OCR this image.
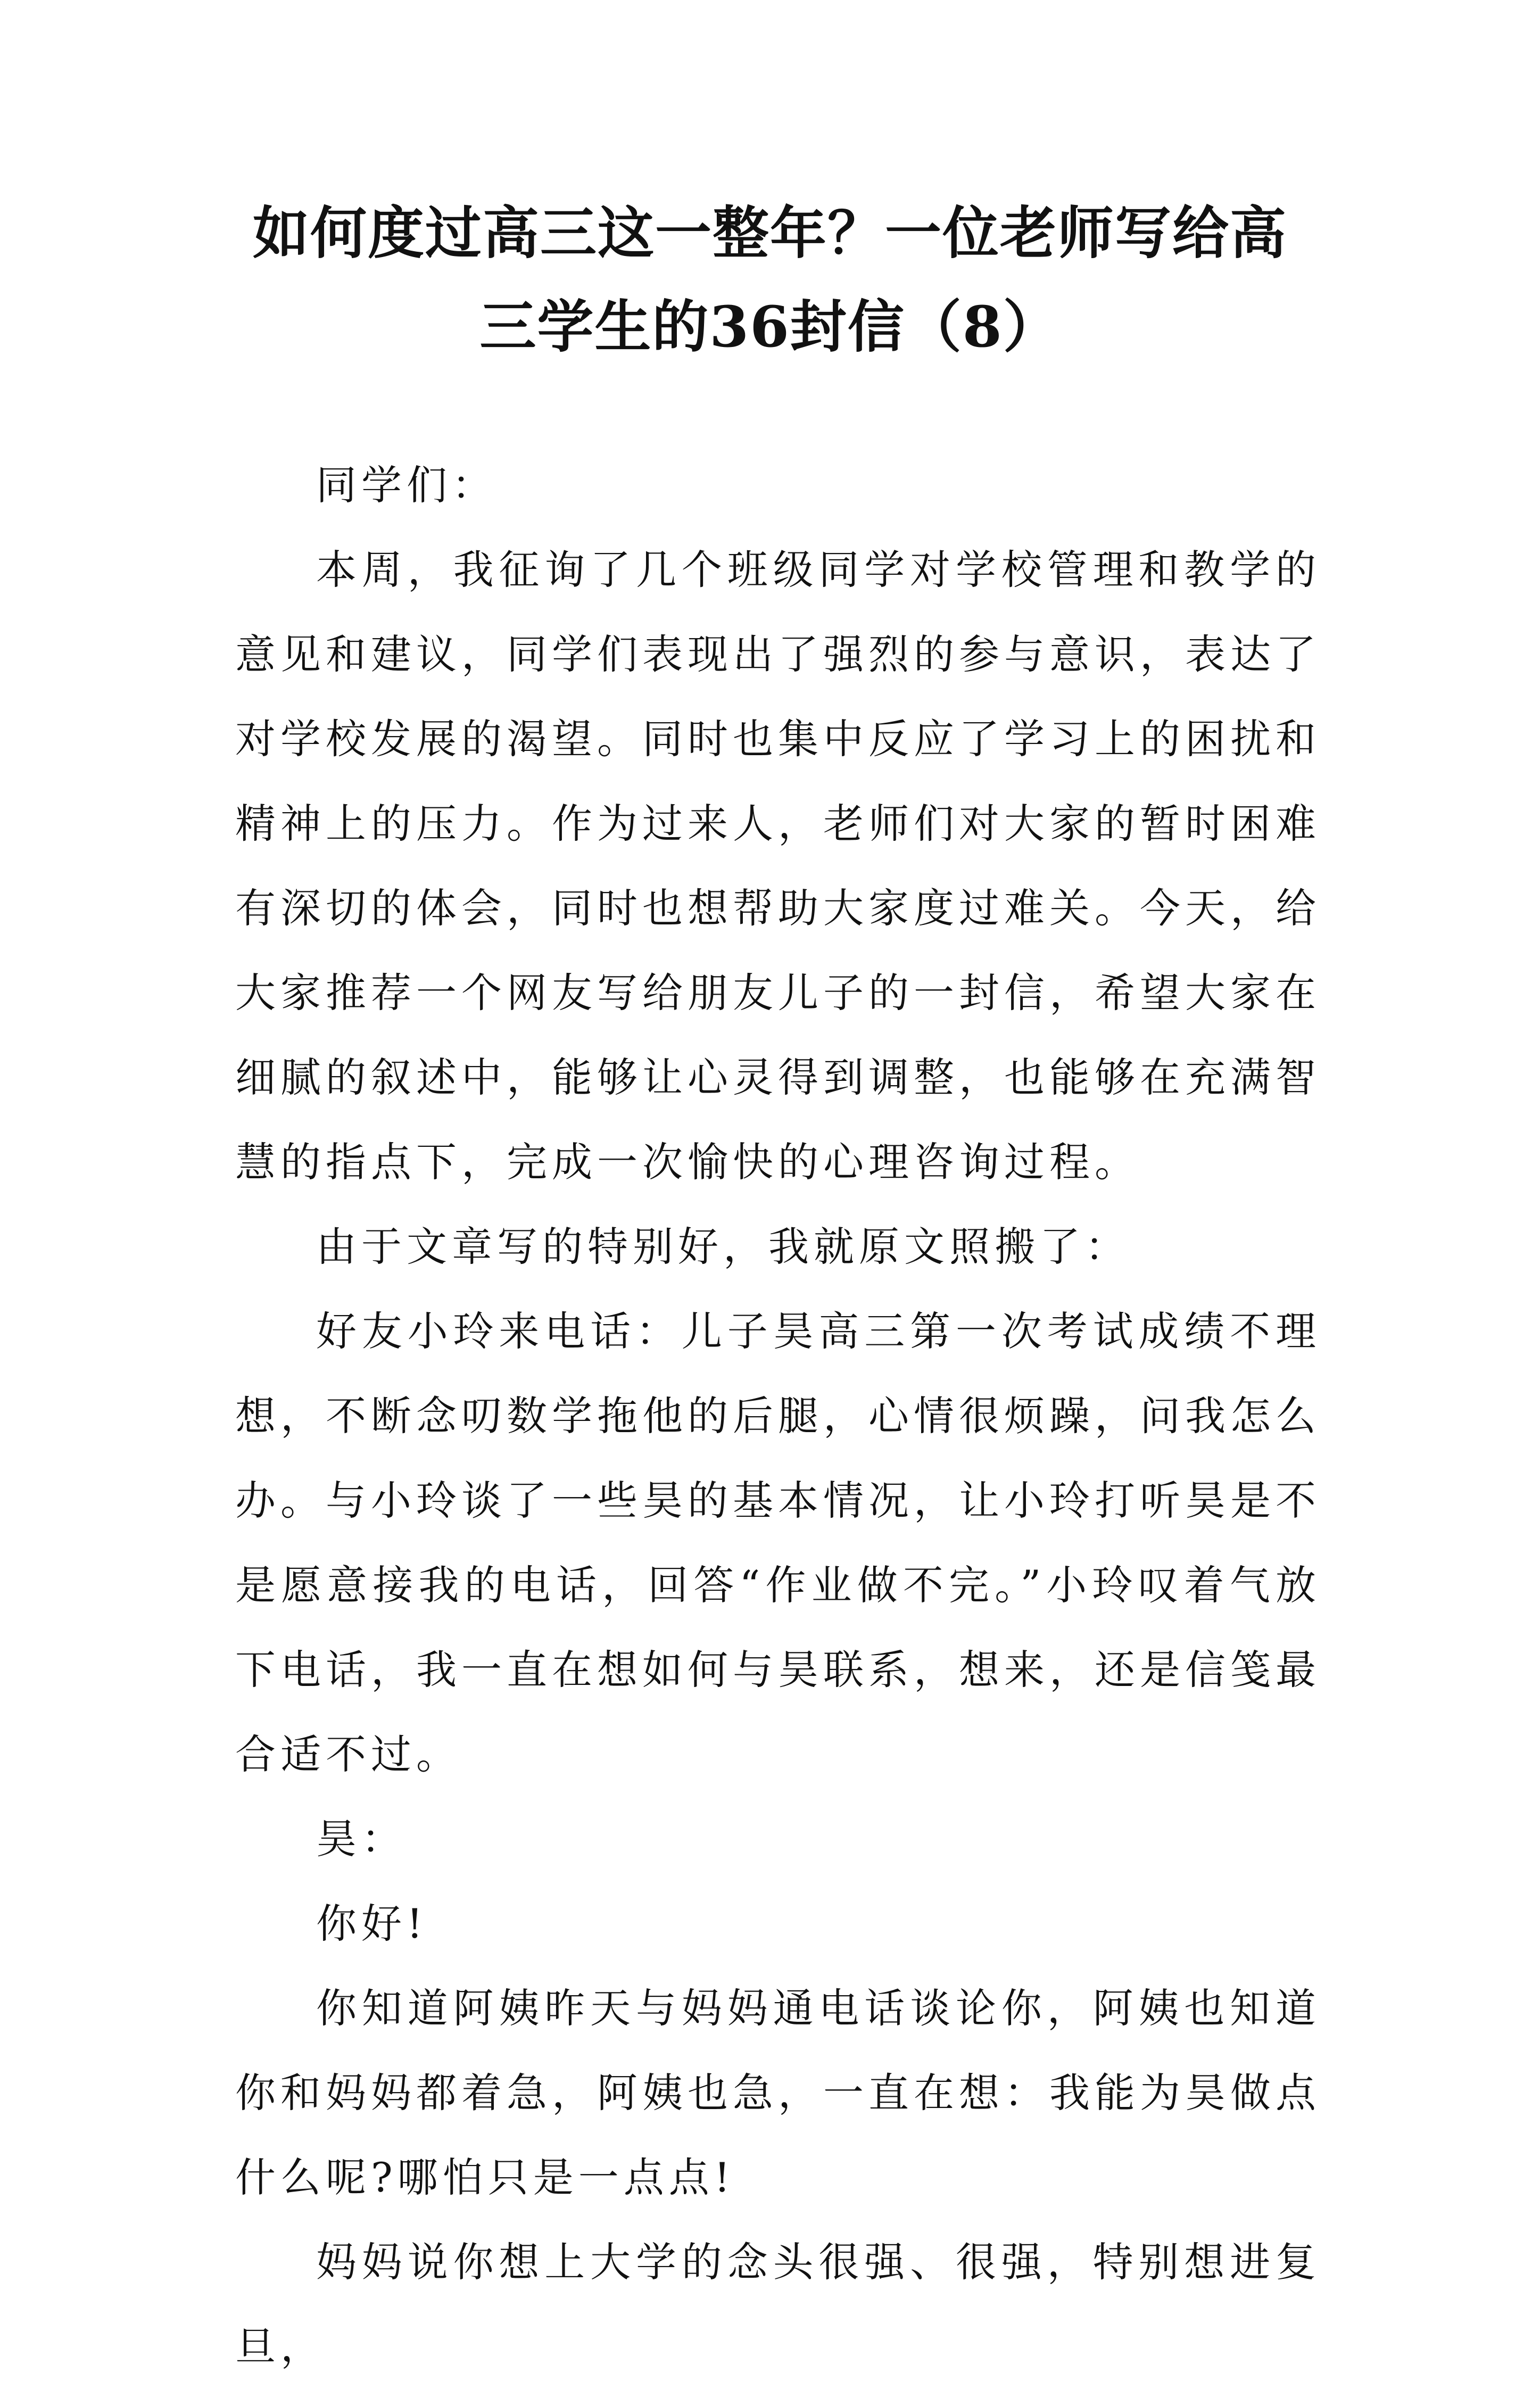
如何度过高三这一整年？一位老师写给高
三学生的36封信（8）

同学们：

本周，我征询了几个班级同学对学校管理和教学的意见和建议，同学们表现出了强烈的参与意识，表达了对学校发展的渴望。同时也集中反应了学习上的困扰和精神上的压力。作为过来人，老师们对大家的暂时困难有深切的体会，同时也想帮助大家度过难关。今天，给大家推荐一个网友写给朋友儿子的一封信，希望大家在细腻的叙述中，能够让心灵得到调整，也能够在充满智慧的指点下，完成一次愉快的心理咨询过程。

由于文章写的特别好，我就原文照搬了：

好友小玲来电话：儿子昊高三第一次考试成绩不理想，不断念叨数学拖他的后腿，心情很烦躁，问我怎么办。与小玲谈了一些昊的基本情况，让小玲打听昊是不是愿意接我的电话，回答“作业做不完。”小玲叹着气放下电话，我一直在想如何与昊联系，想来，还是信笺最合适不过。

昊：

你好!

你知道阿姨昨天与妈妈通电话谈论你，阿姨也知道你和妈妈都着急，阿姨也急，一直在想：我能为昊做点什么呢?哪怕只是一点点!

妈妈说你想上大学的念头很强、很强，特别想进复旦，
